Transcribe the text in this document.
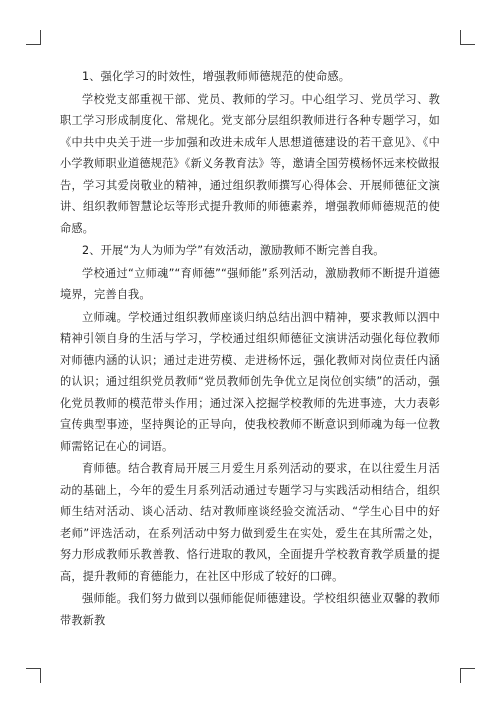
1、强化学习的时效性，增强教师师德规范的使命感。

学校党支部重视干部、党员、教师的学习。中心组学习、党员学习、教职工学习形成制度化、常规化。党支部分层组织教师进行各种专题学习，如《中共中央关于进一步加强和改进未成年人思想道德建设的若干意见》、《中小学教师职业道德规范》《新义务教育法》等，邀请全国劳模杨怀远来校做报告，学习其爱岗敬业的精神，通过组织教师撰写心得体会、开展师德征文演讲、组织教师智慧论坛等形式提升教师的师德素养，增强教师师德规范的使命感。

2、开展“为人为师为学”有效活动，激励教师不断完善自我。

学校通过“立师魂”“育师德”“强师能”系列活动，激励教师不断提升道德境界，完善自我。

立师魂。学校通过组织教师座谈归纳总结出泗中精神，要求教师以泗中精神引领自身的生活与学习，学校通过组织师德征文演讲活动强化每位教师对师德内涵的认识；通过走进劳模、走进杨怀远，强化教师对岗位责任内涵的认识；通过组织党员教师“党员教师创先争优立足岗位创实绩”的活动，强化党员教师的模范带头作用；通过深入挖掘学校教师的先进事迹，大力表彰宣传典型事迹，坚持舆论的正导向，使我校教师不断意识到师魂为每一位教师需铭记在心的词语。

育师德。结合教育局开展三月爱生月系列活动的要求，在以往爱生月活动的基础上，今年的爱生月系列活动通过专题学习与实践活动相结合，组织师生结对活动、谈心活动、结对教师座谈经验交流活动、“学生心目中的好老师”评选活动，在系列活动中努力做到爱生在实处，爱生在其所需之处，努力形成教师乐教善教、恪行进取的教风，全面提升学校教育教学质量的提高，提升教师的育德能力，在社区中形成了较好的口碑。

强师能。我们努力做到以强师能促师德建设。学校组织德业双馨的教师带教新教
